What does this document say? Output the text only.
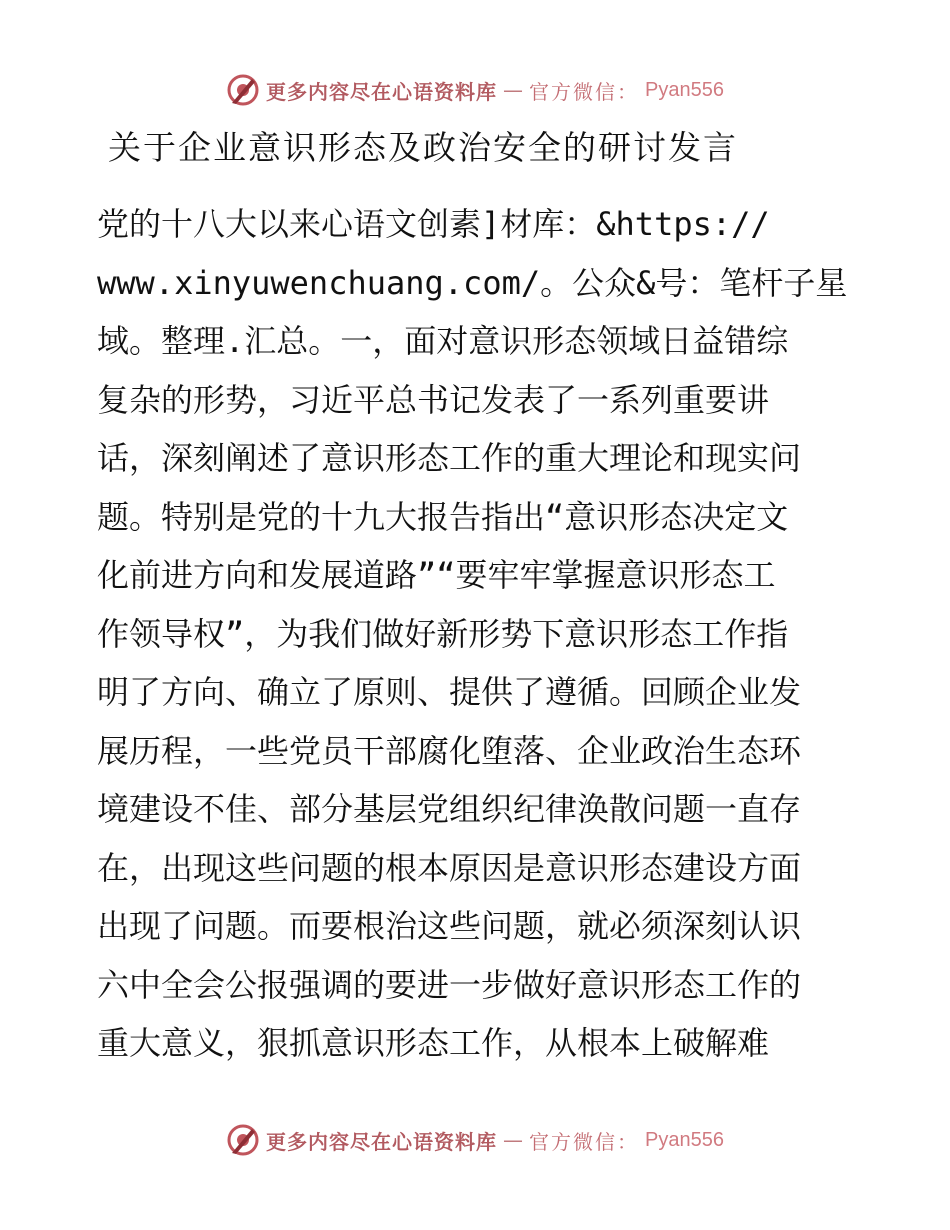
更多内容尽在心语资料库 — 官方微信： Pyan556
关于企业意识形态及政治安全的研讨发言
党的十八大以来心语文创素]材库：&https://
www.xinyuwenchuang.com/。公众&号：笔杆子星
域。整理.汇总。一，面对意识形态领域日益错综
复杂的形势，习近平总书记发表了一系列重要讲
话，深刻阐述了意识形态工作的重大理论和现实问
题。特别是党的十九大报告指出“意识形态决定文
化前进方向和发展道路”“要牢牢掌握意识形态工
作领导权”，为我们做好新形势下意识形态工作指
明了方向、确立了原则、提供了遵循。回顾企业发
展历程，一些党员干部腐化堕落、企业政治生态环
境建设不佳、部分基层党组织纪律涣散问题一直存
在，出现这些问题的根本原因是意识形态建设方面
出现了问题。而要根治这些问题，就必须深刻认识
六中全会公报强调的要进一步做好意识形态工作的
重大意义，狠抓意识形态工作，从根本上破解难
更多内容尽在心语资料库 — 官方微信： Pyan556
